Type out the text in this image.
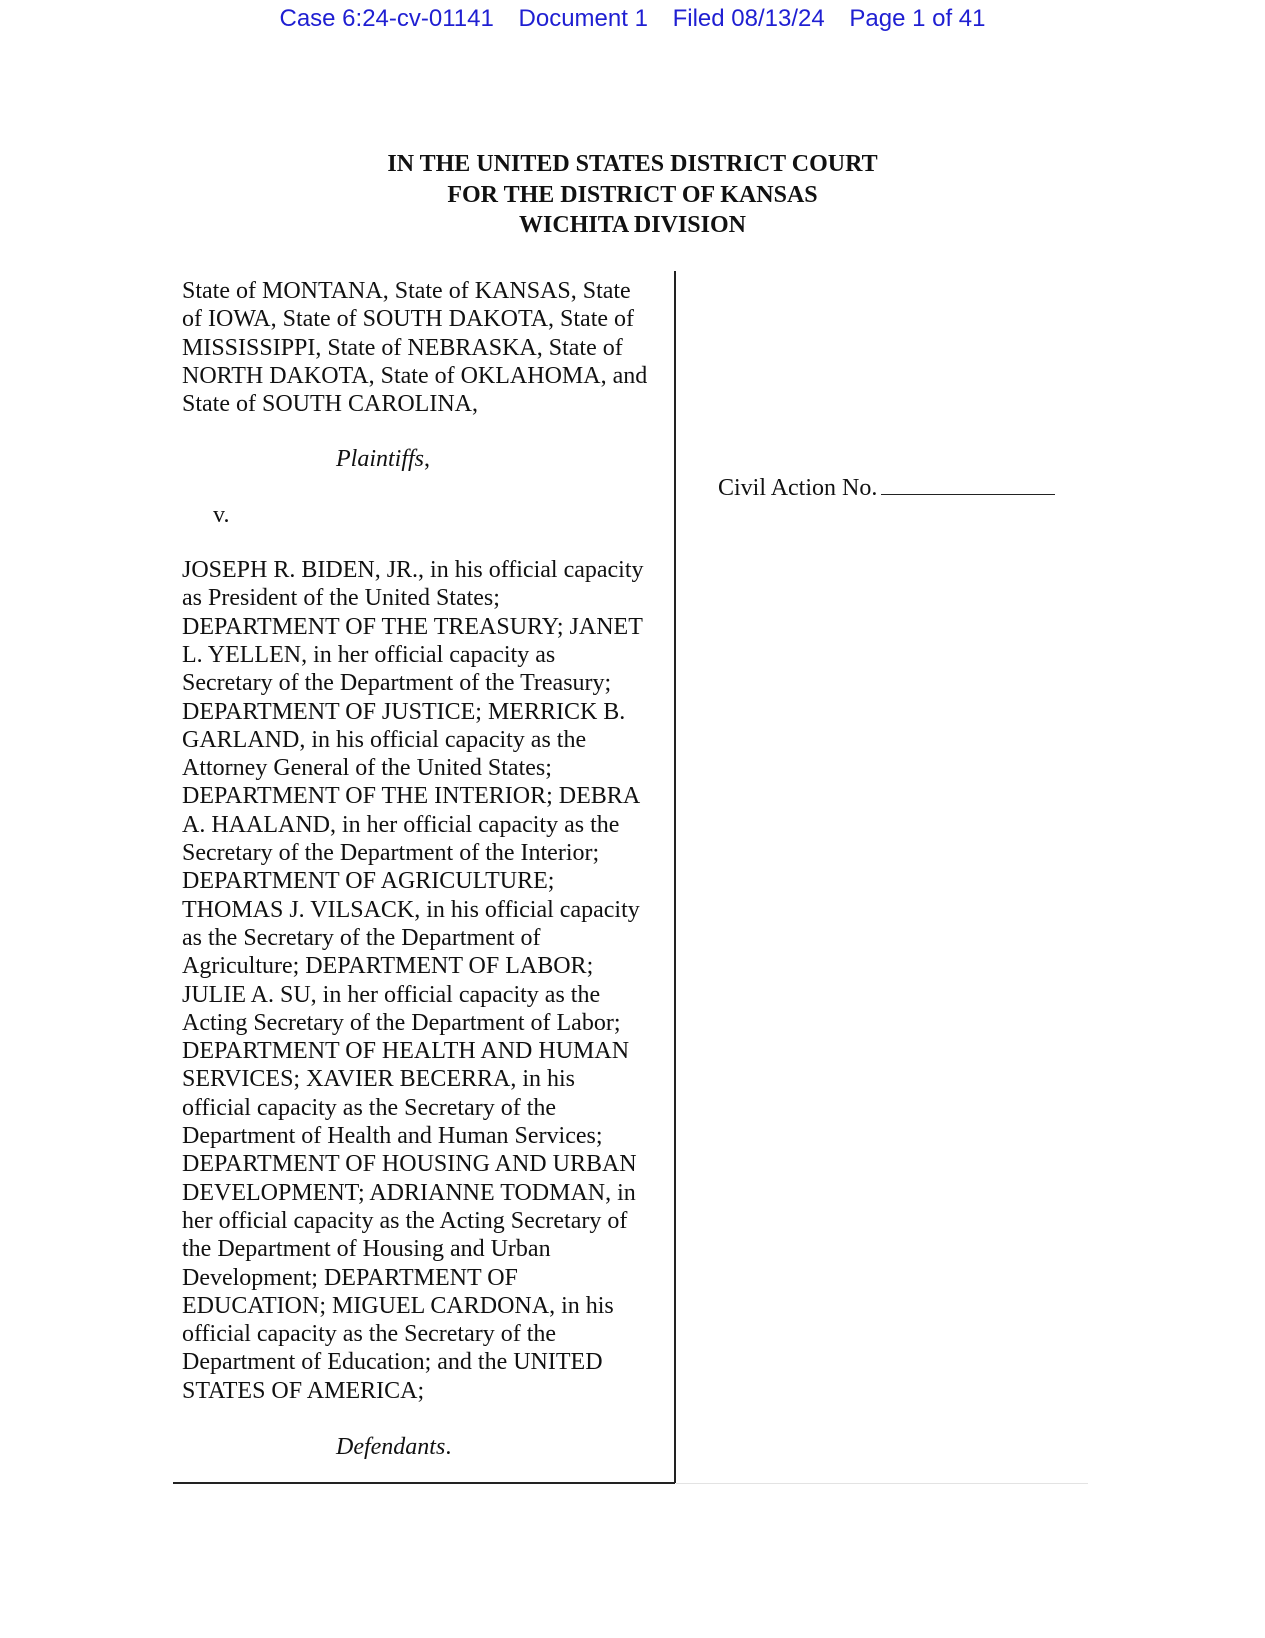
Case 6:24-cv-01141 Document 1 Filed 08/13/24 Page 1 of 41
IN THE UNITED STATES DISTRICT COURT
FOR THE DISTRICT OF KANSAS
WICHITA DIVISION

State of MONTANA, State of KANSAS, State

of IOWA, State of SOUTH DAKOTA, State of

MISSISSIPPI, State of NEBRASKA, State of

NORTH DAKOTA, State of OKLAHOMA, and

State of SOUTH CAROLINA,

Plaintiffs,

v.

JOSEPH R. BIDEN, JR., in his official capacity

as President of the United States;

DEPARTMENT OF THE TREASURY; JANET

L. YELLEN, in her official capacity as

Secretary of the Department of the Treasury;

DEPARTMENT OF JUSTICE; MERRICK B.

GARLAND, in his official capacity as the

Attorney General of the United States;

DEPARTMENT OF THE INTERIOR; DEBRA

A. HAALAND, in her official capacity as the

Secretary of the Department of the Interior;

DEPARTMENT OF AGRICULTURE;

THOMAS J. VILSACK, in his official capacity

as the Secretary of the Department of

Agriculture; DEPARTMENT OF LABOR;

JULIE A. SU, in her official capacity as the

Acting Secretary of the Department of Labor;

DEPARTMENT OF HEALTH AND HUMAN

SERVICES; XAVIER BECERRA, in his

official capacity as the Secretary of the

Department of Health and Human Services;

DEPARTMENT OF HOUSING AND URBAN

DEVELOPMENT; ADRIANNE TODMAN, in

her official capacity as the Acting Secretary of

the Department of Housing and Urban

Development; DEPARTMENT OF

EDUCATION; MIGUEL CARDONA, in his

official capacity as the Secretary of the

Department of Education; and the UNITED

STATES OF AMERICA;

Defendants.

Civil Action No.
